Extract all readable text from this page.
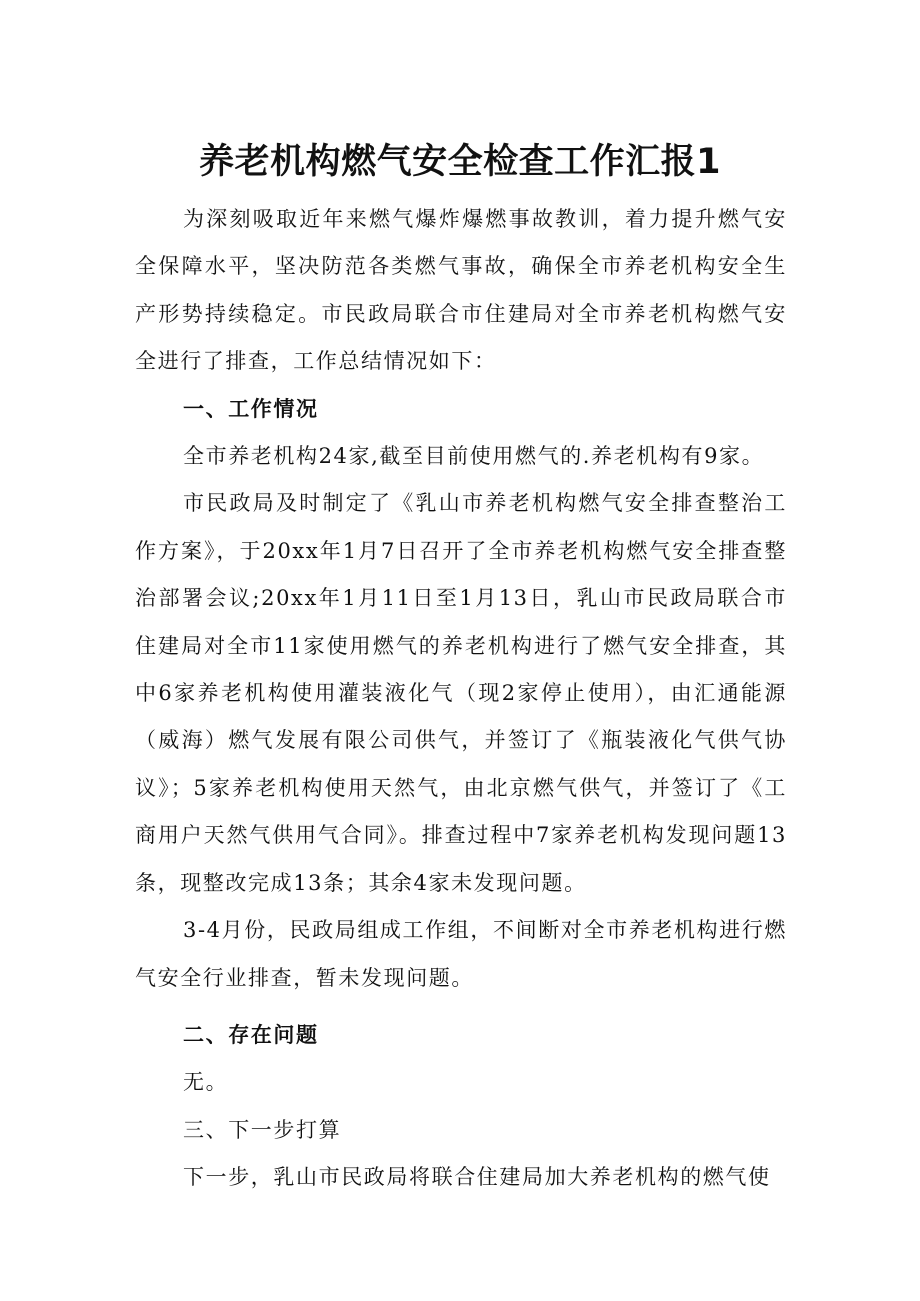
养老机构燃气安全检查工作汇报1

为深刻吸取近年来燃气爆炸爆燃事故教训，着力提升燃气安全保障水平，坚决防范各类燃气事故，确保全市养老机构安全生产形势持续稳定。市民政局联合市住建局对全市养老机构燃气安全进行了排查，工作总结情况如下：

一、工作情况

全市养老机构24家,截至目前使用燃气的.养老机构有9家。

市民政局及时制定了《乳山市养老机构燃气安全排查整治工作方案》，于20xx年1月7日召开了全市养老机构燃气安全排查整治部署会议;20xx年1月11日至1月13日，乳山市民政局联合市住建局对全市11家使用燃气的养老机构进行了燃气安全排查，其中6家养老机构使用灌装液化气（现2家停止使用），由汇通能源（威海）燃气发展有限公司供气，并签订了《瓶装液化气供气协议》；5家养老机构使用天然气，由北京燃气供气，并签订了《工商用户天然气供用气合同》。排查过程中7家养老机构发现问题13条，现整改完成13条；其余4家未发现问题。

3-4月份，民政局组成工作组，不间断对全市养老机构进行燃气安全行业排查，暂未发现问题。

二、存在问题

无。

三、下一步打算

下一步，乳山市民政局将联合住建局加大养老机构的燃气使
